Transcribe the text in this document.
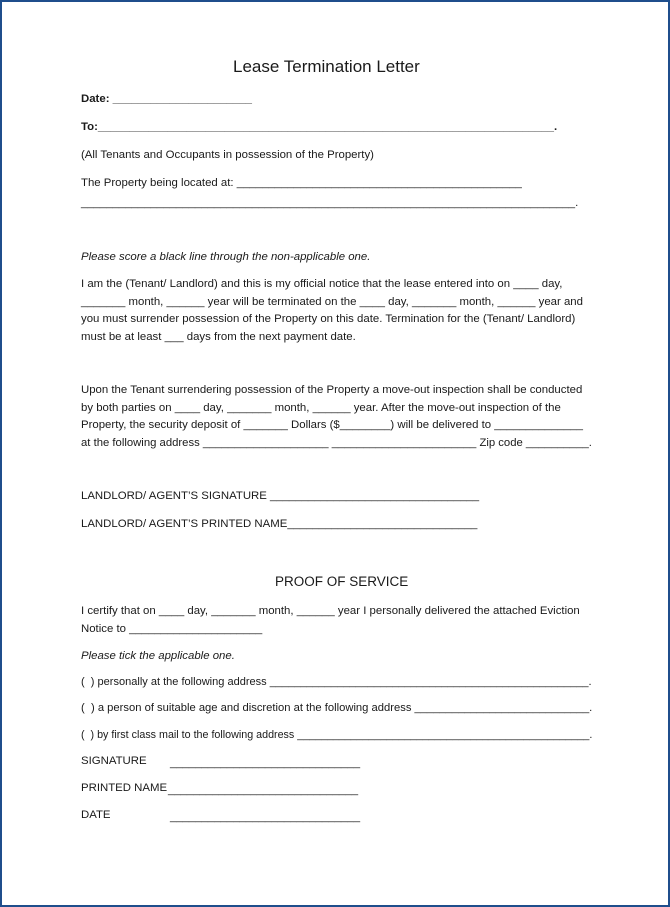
Lease Termination Letter
Date: ______________________
To:________________________________________________________________________.
(All Tenants and Occupants in possession of the Property)
The Property being located at: _____________________________________________
______________________________________________________________________________.
Please score a black line through the non-applicable one.
I am the (Tenant/ Landlord) and this is my official notice that the lease entered into on ____ day,
_______ month, ______ year will be terminated on the ____ day, _______ month, ______ year and
you must surrender possession of the Property on this date. Termination for the (Tenant/ Landlord)
must be at least ___ days from the next payment date.
Upon the Tenant surrendering possession of the Property a move-out inspection shall be conducted
by both parties on ____ day, _______ month, ______ year. After the move-out inspection of the
Property, the security deposit of _______ Dollars ($________) will be delivered to ______________
at the following address ____________________ _______________________ Zip code __________.
LANDLORD/ AGENT’S SIGNATURE _________________________________
LANDLORD/ AGENT’S PRINTED NAME______________________________
PROOF OF SERVICE
I certify that on ____ day, _______ month, ______ year I personally delivered the attached Eviction
Notice to _____________________
Please tick the applicable one.
(  ) personally at the following address ____________________________________________________.
(  ) a person of suitable age and discretion at the following address ____________________________.
(  ) by first class mail to the following address _________________________________________________.
SIGNATURE ______________________________
PRINTED NAME ______________________________
DATE	______________________________
